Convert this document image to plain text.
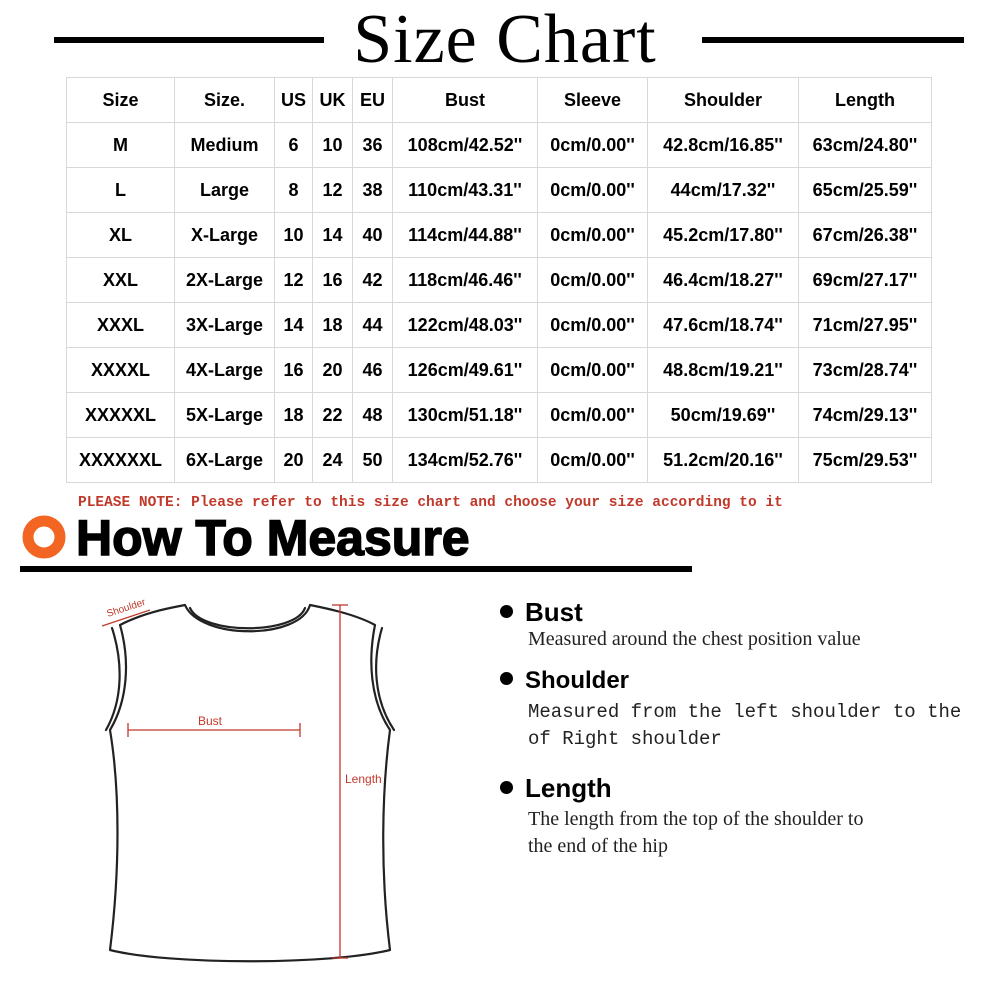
Size Chart
Size	Size.	US	UK	EU	Bust	Sleeve	Shoulder	Length
M	Medium	6	10	36	108cm/42.52''	0cm/0.00''	42.8cm/16.85''	63cm/24.80''
L	Large	8	12	38	110cm/43.31''	0cm/0.00''	44cm/17.32''	65cm/25.59''
XL	X-Large	10	14	40	114cm/44.88''	0cm/0.00''	45.2cm/17.80''	67cm/26.38''
XXL	2X-Large	12	16	42	118cm/46.46''	0cm/0.00''	46.4cm/18.27''	69cm/27.17''
XXXL	3X-Large	14	18	44	122cm/48.03''	0cm/0.00''	47.6cm/18.74''	71cm/27.95''
XXXXL	4X-Large	16	20	46	126cm/49.61''	0cm/0.00''	48.8cm/19.21''	73cm/28.74''
XXXXXL	5X-Large	18	22	48	130cm/51.18''	0cm/0.00''	50cm/19.69''	74cm/29.13''
XXXXXXL	6X-Large	20	24	50	134cm/52.76''	0cm/0.00''	51.2cm/20.16''	75cm/29.53''
PLEASE NOTE: Please refer to this size chart and choose your size according to it
How To Measure
Shoulder
Bust
Length
Bust
Measured around the chest position value
Shoulder
Measured from the left shoulder to the
of Right shoulder
Length
The length from the top of the shoulder to
the end of the hip
